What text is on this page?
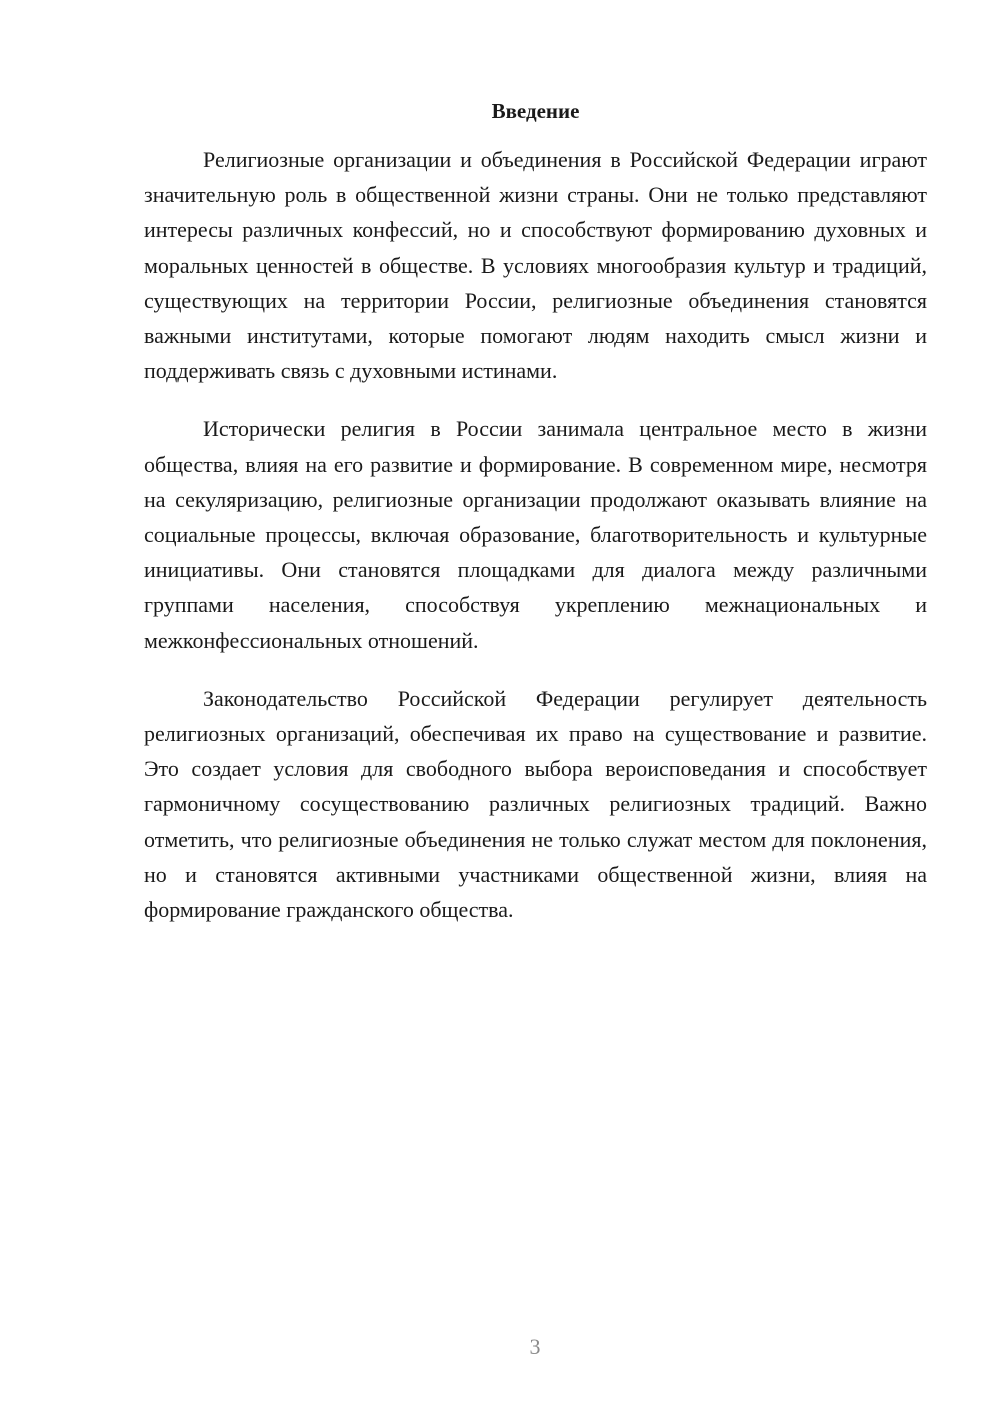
Введение

Религиозные организации и объединения в Российской Федерации играют значительную роль в общественной жизни страны. Они не только представляют интересы различных конфессий, но и способствуют формированию духовных и моральных ценностей в обществе. В условиях многообразия культур и традиций, существующих на территории России, религиозные объединения становятся важными институтами, которые помогают людям находить смысл жизни и поддерживать связь с духовными истинами.

Исторически религия в России занимала центральное место в жизни общества, влияя на его развитие и формирование. В современном мире, несмотря на секуляризацию, религиозные организации продолжают оказывать влияние на социальные процессы, включая образование, благотворительность и культурные инициативы. Они становятся площадками для диалога между различными группами населения, способствуя укреплению межнациональных и межконфессиональных отношений.

Законодательство Российской Федерации регулирует деятельность религиозных организаций, обеспечивая их право на существование и развитие. Это создает условия для свободного выбора вероисповедания и способствует гармоничному сосуществованию различных религиозных традиций. Важно отметить, что религиозные объединения не только служат местом для поклонения, но и становятся активными участниками общественной жизни, влияя на формирование гражданского общества.

3
